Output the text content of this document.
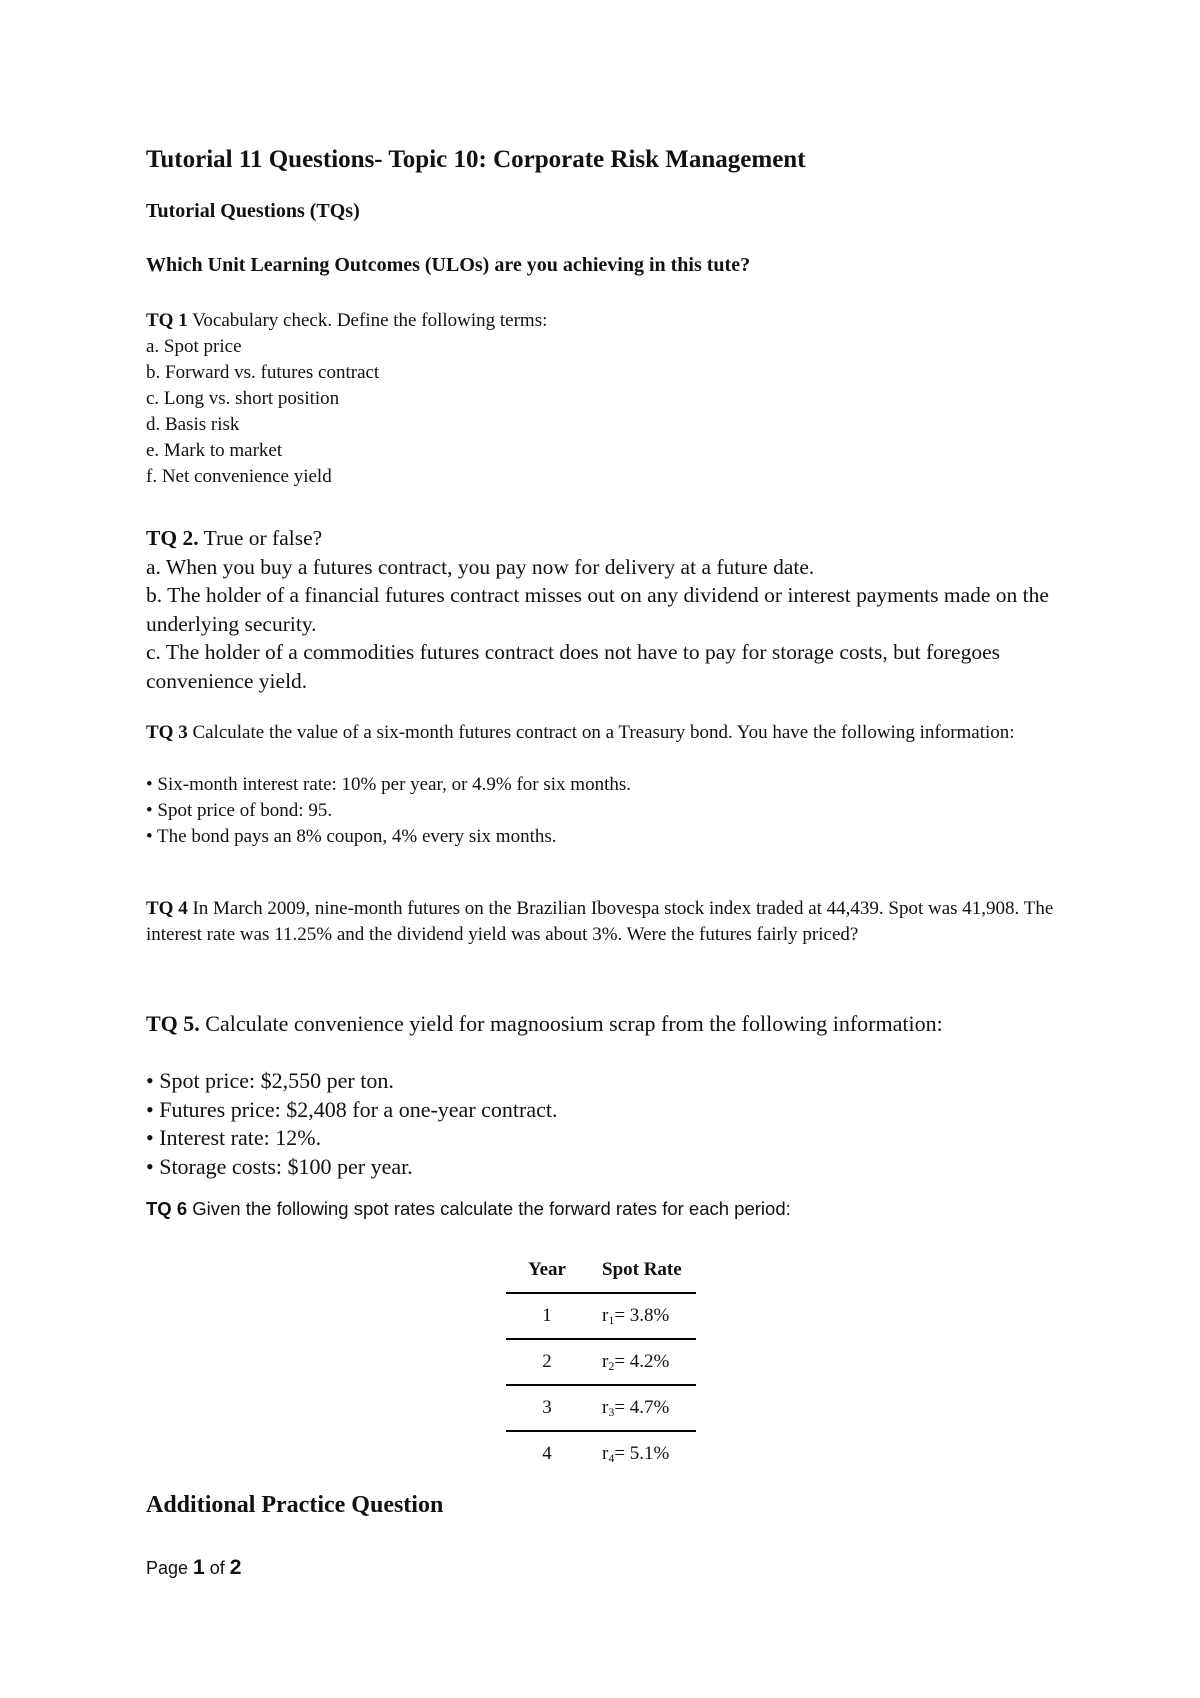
Tutorial 11 Questions- Topic 10: Corporate Risk Management
Tutorial Questions (TQs)
Which Unit Learning Outcomes (ULOs) are you achieving in this tute?
TQ 1 Vocabulary check. Define the following terms:
a. Spot price
b. Forward vs. futures contract
c. Long vs. short position
d. Basis risk
e. Mark to market
f. Net convenience yield
TQ 2. True or false?
a. When you buy a futures contract, you pay now for delivery at a future date.
b. The holder of a financial futures contract misses out on any dividend or interest payments made on the underlying security.
c. The holder of a commodities futures contract does not have to pay for storage costs, but foregoes convenience yield.
TQ 3 Calculate the value of a six-month futures contract on a Treasury bond. You have the following information:
• Six-month interest rate: 10% per year, or 4.9% for six months.
• Spot price of bond: 95.
• The bond pays an 8% coupon, 4% every six months.
TQ 4 In March 2009, nine-month futures on the Brazilian Ibovespa stock index traded at 44,439. Spot was 41,908. The interest rate was 11.25% and the dividend yield was about 3%. Were the futures fairly priced?
TQ 5. Calculate convenience yield for magnoosium scrap from the following information:
• Spot price: $2,550 per ton.
• Futures price: $2,408 for a one-year contract.
• Interest rate: 12%.
• Storage costs: $100 per year.
TQ 6 Given the following spot rates calculate the forward rates for each period:
Year	Spot Rate
1	$r_1= 3.8\%$
2	$r_2= 4.2\%$
3	$r_3= 4.7\%$
4	$r_4= 5.1\%$
Additional Practice Question
Page 1 of 2
